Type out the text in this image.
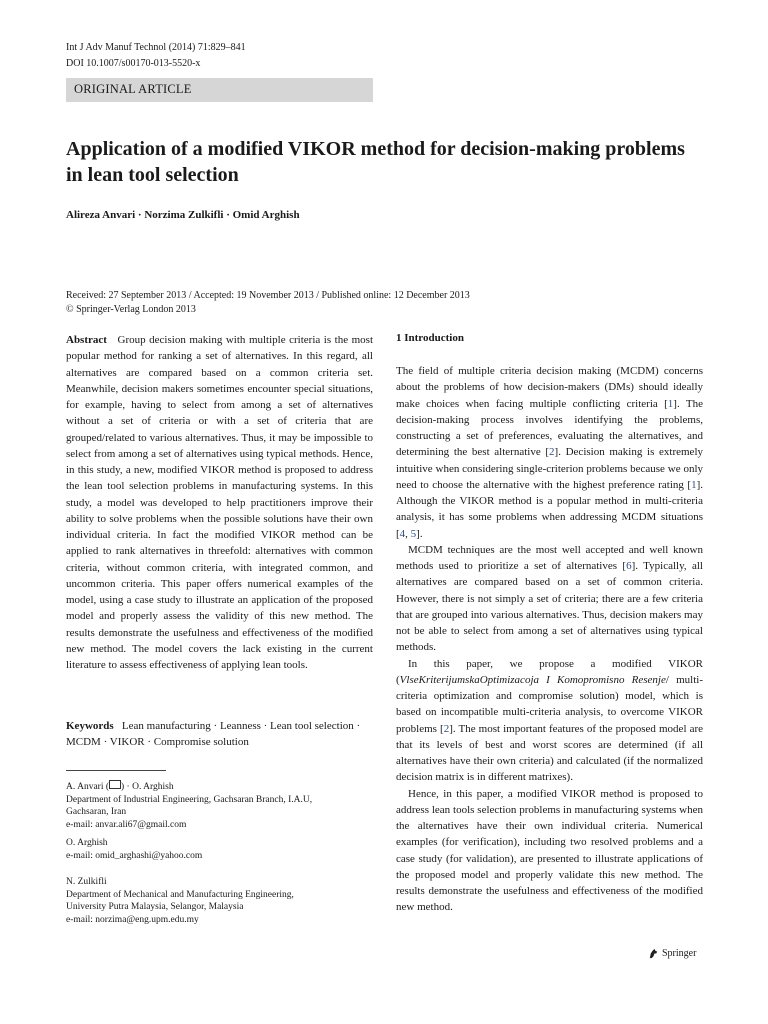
Int J Adv Manuf Technol (2014) 71:829–841
DOI 10.1007/s00170-013-5520-x
ORIGINAL ARTICLE
Application of a modified VIKOR method for decision-making problems in lean tool selection
Alireza Anvari · Norzima Zulkifli · Omid Arghish
Received: 27 September 2013 / Accepted: 19 November 2013 / Published online: 12 December 2013
© Springer-Verlag London 2013
Abstract Group decision making with multiple criteria is the most popular method for ranking a set of alternatives. In this regard, all alternatives are compared based on a common criteria set. Meanwhile, decision makers sometimes encounter special situations, for example, having to select from among a set of alternatives without a set of criteria or with a set of criteria that are grouped/related to various alternatives. Thus, it may be impossible to select from among a set of alternatives using typical methods. Hence, in this study, a new, modified VIKOR method is proposed to address the lean tool selection problems in manufacturing systems. In this study, a model was developed to help practitioners improve their ability to solve problems when the possible solutions have their own individual criteria. In fact the modified VIKOR method can be applied to rank alternatives in threefold: alternatives with common criteria, without common criteria, with integrated common, and uncommon criteria. This paper offers numerical examples of the model, using a case study to illustrate an application of the proposed model and properly assess the validity of this new method. The results demonstrate the usefulness and effectiveness of the modified new method. The model covers the lack existing in the current literature to assess effectiveness of applying lean tools.
Keywords Lean manufacturing · Leanness · Lean tool selection · MCDM · VIKOR · Compromise solution
A. Anvari ( ) · O. Arghish
Department of Industrial Engineering, Gachsaran Branch, I.A.U,
Gachsaran, Iran
e-mail: anvar.ali67@gmail.com
O. Arghish
e-mail: omid_arghashi@yahoo.com
N. Zulkifli
Department of Mechanical and Manufacturing Engineering,
University Putra Malaysia, Selangor, Malaysia
e-mail: norzima@eng.upm.edu.my
1 Introduction

The field of multiple criteria decision making (MCDM) concerns about the problems of how decision-makers (DMs) should ideally make choices when facing multiple conflicting criteria [1]. The decision-making process involves identifying the problems, constructing a set of preferences, evaluating the alternatives, and determining the best alternative [2]. Decision making is extremely intuitive when considering single-criterion problems because we only need to choose the alternative with the highest preference rating [1]. Although the VIKOR method is a popular method in multi-criteria analysis, it has some problems when addressing MCDM situations [4, 5].

MCDM techniques are the most well accepted and well known methods used to prioritize a set of alternatives [6]. Typically, all alternatives are compared based on a set of common criteria. However, there is not simply a set of criteria; there are a few criteria that are grouped into various alternatives. Thus, decision makers may not be able to select from among a set of alternatives using typical methods.

In this paper, we propose a modified VIKOR (VlseKriterijumskaOptimizacoja I Komopromisno Resenje/ multi-criteria optimization and compromise solution) model, which is based on incompatible multi-criteria analysis, to overcome VIKOR problems [2]. The most important features of the proposed model are that its levels of best and worst scores are determined (if all alternatives have their own criteria) and calculated (if the normalized decision matrix is in different matrixes).

Hence, in this paper, a modified VIKOR method is proposed to address lean tools selection problems in manufacturing systems when the alternatives have their own individual criteria. Numerical examples (for verification), including two resolved problems and a case study (for validation), are presented to illustrate applications of the proposed model and properly validate this new method. The results demonstrate the usefulness and effectiveness of the modified new method.

Springer
